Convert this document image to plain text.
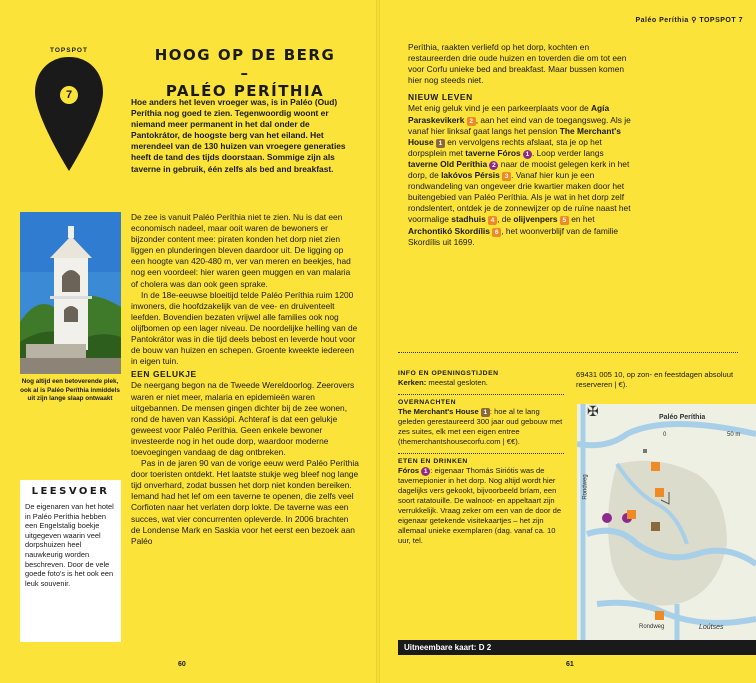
TOPSPOT
7
HOOG OP DE BERG –
PALÉO PERÍTHIA
Hoe anders het leven vroeger was, is in Paléo (Oud) Períthia nog goed te zien. Tegenwoordig woont er niemand meer permanent in het dal onder de Pantokrátor, de hoogste berg van het eiland. Het merendeel van de 130 huizen van vroegere generaties heeft de tand des tijds doorstaan. Sommige zijn als taverne in gebruik, één zelfs als bed and breakfast.
Nog altijd een betoverende plek, ook al is Paléo Períthia inmiddels uit zijn lange slaap ontwaakt

De zee is vanuit Paléo Períthia niet te zien. Nu is dat een economisch nadeel, maar ooit waren de bewoners er bijzonder content mee: piraten konden het dorp niet zien liggen en plunderingen bleven daardoor uit. De ligging op een hoogte van 420-480 m, ver van meren en beekjes, had nog een voordeel: hier waren geen muggen en van malaria of cholera was dan ook geen sprake.

In de 18e-eeuwse bloeitijd telde Paléo Períthia ruim 1200 inwoners, die hoofdzakelijk van de vee- en druiventeelt leefden. Bovendien bezaten vrijwel alle families ook nog olijfbomen op een lager niveau. De noordelijke helling van de Pantokrátor was in die tijd deels bebost en leverde hout voor de bouw van huizen en schepen. Groente kweekte iedereen in eigen tuin.

EEN GELUKJE

De neergang begon na de Tweede Wereldoorlog. Zeerovers waren er niet meer, malaria en epidemieën waren uitgebannen. De mensen gingen dichter bij de zee wonen, rond de haven van Kassiópi. Achteraf is dat een gelukje geweest voor Paléo Períthia. Geen enkele bewoner investeerde nog in het oude dorp, waardoor moderne toevoegingen vandaag de dag ontbreken.

Pas in de jaren 90 van de vorige eeuw werd Paléo Períthia door toeristen ontdekt. Het laatste stukje weg bleef nog lange tijd onverhard, zodat bussen het dorp niet konden bereiken. Iemand had het lef om een taverne te openen, die zelfs veel Corfioten naar het verlaten dorp lokte. De taverne was een succes, wat vier concurrenten opleverde. In 2006 brachten de Londense Mark en Saskia voor het eerst een bezoek aan Paléo

LEESVOER
De eigenaren van het hotel in Paléo Períthia hebben een Engelstalig boekje uitgegeven waarin veel dorpshuizen heel nauwkeurig worden beschreven. Door de vele goede foto's is het ook een leuk souvenir.
60
Paléo Períthia ⚲ TOPSPOT 7

Períthia, raakten verliefd op het dorp, kochten en restaureerden drie oude huizen en toverden die om tot een voor Corfu unieke bed and breakfast. Maar bussen komen hier nog steeds niet.

NIEUW LEVEN

Met enig geluk vind je een parkeerplaats voor de Agía Paraskevikerk 2 , aan het eind van de toegangsweg. Als je vanaf hier linksaf gaat langs het pension The Merchant's House 1 en vervolgens rechts afslaat, sta je op het dorpsplein met taverne Fóros 1 . Loop verder langs taverne Old Períthia 2 naar de mooist gelegen kerk in het dorp, de Iakóvos Pérsis 3 . Vanaf hier kun je een rondwandeling van ongeveer drie kwartier maken door het buitengebied van Paléo Períthia. Als je wat in het dorp zelf rondslentert, ontdek je de zonnewijzer op de ruïne naast het voormalige stadhuis 4 , de olijvenpers 5 en het Archontikó Skordílis 6 , het woonverblijf van de familie Skordílis uit 1699.

INFO EN OPENINGSTIJDEN
Kerken: meestal gesloten.
OVERNACHTEN
The Merchant's House 1 : hoe al te lang geleden gerestaureerd 300 jaar oud gebouw met zes suites, elk met een eigen entree (themerchantshousecorfu.com | €€).
ETEN EN DRINKEN
Fóros 1 : eigenaar Thomás Sirióti​s was de tavernepionier in het dorp. Nog altijd wordt hier dagelijks vers gekookt, bijvoorbeeld bríam, een soort ratatouille. De walnoot- en appeltaart zijn verrukkelijk. Vraag zeker om een van de door de eigenaar getekende visitekaartjes – het zijn allemaal unieke exemplaren (dag. vanaf ca. 10 uur, tel.
69431 005 10, op zon- en feestdagen absoluut reserveren | €).
✠	Paléo Períthia
0	50 m
Rondweg
Rondweg	Loútses
Uitneembare kaart: D 2
61
